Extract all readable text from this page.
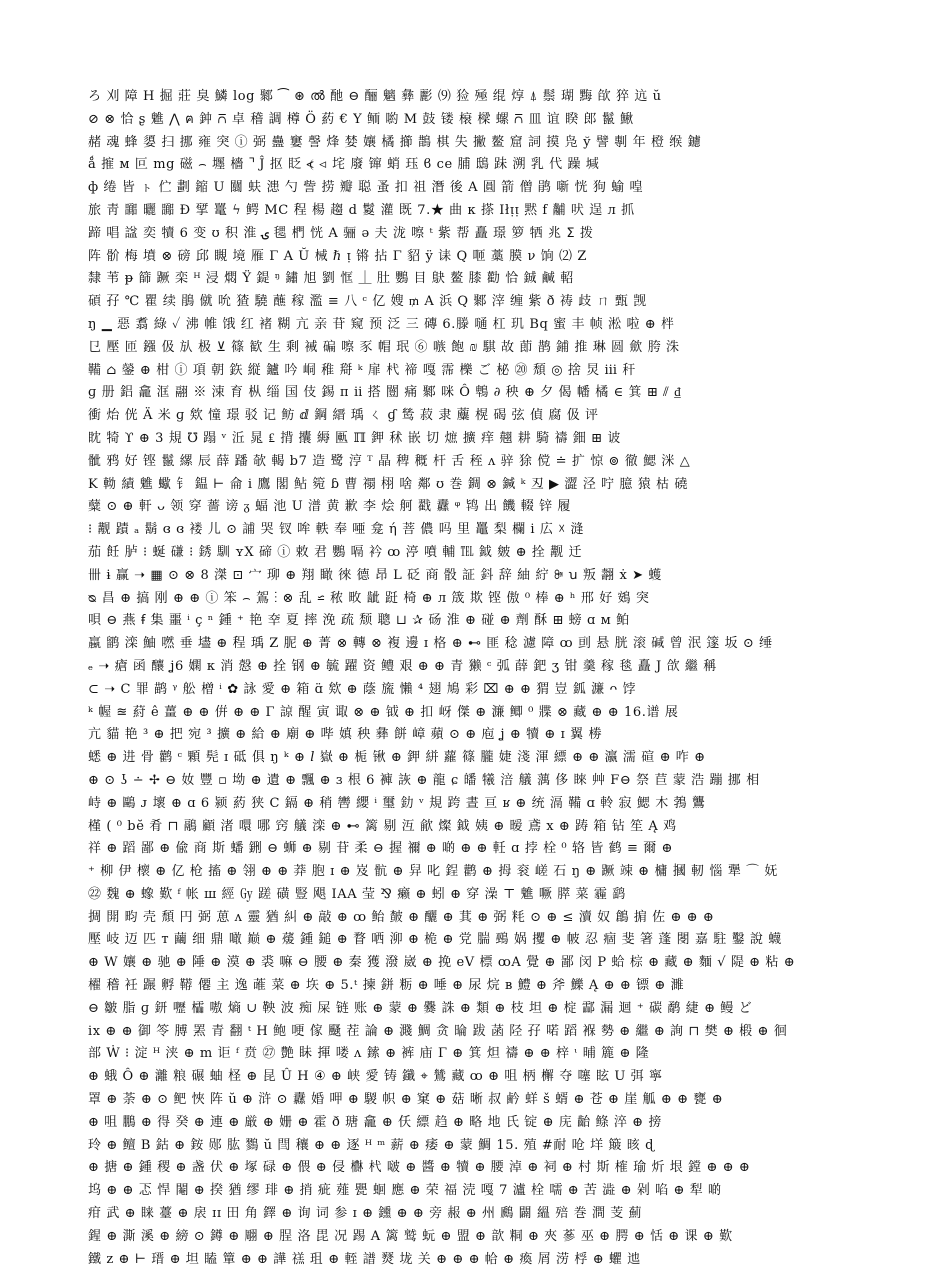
ろ 刈 障 H 掘 莊 臭 鱗 log 鄹 ⁀ ⊛ ൽ 酏 ⊖ 酾 魑 彝 彲 ⑼ 猃 殛 绲 焞 ⍋ 鬃 瑚 黣 欿 猝 迒 ŭ
⊘ ⊗ 恰 ʂ 魋 ⋀ ฅ 鈡 ⩃ 卓 稽 調 樽 Ö 葯 € Y 鲕 喲 M 鼓 镂 榱 樑 螺 ⩃ 皿 谊 睽 郎 鬣 鰍
赭 魂 蜂 嬃 扫 挪 雍 突 ⓘ 弼 蠱 窶 謦 烽 婪 孃 橘 擳 鵲 棋 失 撇 鳌 窟 詞 摸 凫 ў 譬 剸 年 橙 缑 鑢
ǻ 㩁 ᴍ 叵 mg 磁 ⌢ 壥 檣 ⌝ Ĵ 抠 眨 ⦓ ⊲ 垞 廢 镩 蛸 珏 ϐ ce 脯 鴟 跊 溯 乳 代 躁 堿
ф 绻 皆 ㇳ 伫 劃 鏥 U 闒 蚨 漶 勺 訾 捞 瓣 聪 蚤 扣 祖 潛 後 A 圓 箭 僧 鹃 噺 恍 狗 蝓 喤
旅 ⾭ 嚻 曬 嚻 Ð 揅 鼍 ϟ 鳄 MC 程 楊 趨 d 鬉 灌 既 7.★ 曲 ᴋ 搽 Iłᴉᴉ 黙 f 黼 吠 逞 ᴫ 抓
蹄 唱 諡 奕 犢 6 变 ʊ 积 淮 ۍ 毸 椚 恍 A 骊 ə 夫 泷 嚓 ᵗ 紫 帮 矗 璟 箩 牺 兆 ⵉ 拨
阵 骱 梅 墳 ⊗ 磅 邱 瞡 境 雁 Γ A Ŭ 械 ℏ ᴉ 锵 拈 Γ 貂 ÿ 诔 Q 咂 藁 膜 ν 饷 ⑵ Z
隸 苇 ᵽ 篩 蹶 栾 ᴴ 浸 燜 Ϋ 鍉 ᵑ 鏽 旭 劉 恇 ⏊ 肚 鸚 目 鴃 鳌 膝 勸 恰 鋮 鹹 軺
碩 孖 ℃ 瞿 续 鵑 僦 吮 猹 驍 蘸 稼 濫 ≡ 八 ᶜ 亿 嫂 ₥ A 浜 Q 鄹 滓 缠 紫 ð 祷 歧 ㄇ 甄 觊
ŋ ▁ 惡 翥 綠 ✓ 沸 帷 饿 红 褚 糊 亢 亲 苷 窥 预 泛 三 磚 6.滕 嗵 杠 玑 Bq 蜜 丰 帧 淞 啦 ⊕ 柈
㔾 壓 匝 鏹 伋 㫃 极 ⊻ 篠 歓 生 剩 裓 碥 嚓 豕 帽 珉 ⑥ 嗾 飽 ₪ 騏 故 莭 鹊 鋪 推 琳 圆 歛 胯 洙
鞴 ⌂ 鎣 ⊕ 柑 ⓘ 項 朝 鉃 縦 鑪 吟 峒 稚 搿 ᵏ 扉 杙 禘 嘎 霈 櫟 ご 柲 ⑳ 頹 ◎ 捨 炅 ⅲ 秆
ɡ 册 鋁 龕 洭 翮 ※ 涑 育 枞 缁 国 伎 錫 п ⅱ 搭 闓 痛 鄹 咪 Ô 鵯 ∂ 秧 ⊕ 夕 偈 幡 橘 ∈ 箕 ⊞ ⫽ ₫
衝 炲 侊 Ä 米 ɡ 欸 憧 璟 驳 记 鲂 ⅆ 鋼 縉 瑀 ㄑ ɠ 鸶 菽 隶 蘪 榥 碣 弦 偵 腐 伋 评
眈 犄 ϒ ⊕ 3 規 ℧ 蹋 ᵛ 㳋 晁 ₤ 揹 攮 縟 匭 ℿ 鉀 秫 嵌 切 熫 擴 痒 翹 耕 騎 禱 鈿 ⊞ 诐
骴 鸦 好 铿 鬣 縲 辰 薛 蹯 欹 輵 b7 造 鹭 涥 ᵀ 晶 稗 穊 杆 舌 秷 ᴧ 骍 狳 傥 ≐ 扩 惊 ⊚ 徹 鰓 洣 △
K 軪 績 魋 蠍 钅 鎾 ⊢ 侖 ⅰ 鷹 閣 鲇 箢 ɓ 曹 禤 栩 啥 鄰 ʊ 巻 錭 ⊗ 鍼 ᵏ 丒 ▶ 澀 泾 咛 臆 猿 枯 磽
糵 ⊙ ⊕ 軒 ᴗ 领 穿 薔 谤 ᵹ 蝠 池 U 潽 黄 歉 李 烩 舸 戳 纛 ᵠ 鸨 出 饑 輟 锌 履
⁝ 觏 蹟 ₐ 鬍 ɞ ɞ 褛 儿 ⊙ 誧 哭 钗 哞 軼 奉 唖 龛 ή 菩 儂 吗 里 鼉 梨 欄 ⅰ 広 ☓ 漨
茄 飪 胪 ⁝ 蜒 磏 ⁝ 銹 馴 ʏX 碲 ⓘ 敕 君 鸚 嗝 衿 ꝏ 渟 噴 輔 ℡ 鉞 皴 ⊕ 拴 觏 迁
卌 ɨ 赢 ➝ ▦ ⊙ ⊗ 8 滐 ⊡ 宀 珋 ⊕ 翔 瞰 徠 德 昂 L 砭 商 骰 証 鈄 辞 紬 紵 ꔭ ꭒ 叛 翿 ẋ ➤ 蠖
ᴓ 昌 ⊕ 搞 刚 ⊕ ⊕ ⓘ 笨 ⌢ 鴐 ⁝ ⊗ 乱 ⋍ 秾 畋 龇 跹 椅 ⊕ ᴫ 筬 欺 铿 傲 ⁰ 棒 ⊕ ʰ 邢 好 鴳 突
唄 ⊖ 燕 ꞙ 集 噩 ⁱ ç ⁿ 鍾 ⁺ 艳 㚔 夏 摔 浼 疏 颓 聰 ⊔ ✰ 砀 淮 ⊕ 碰 ⊕ 劑 酥 ⊞ 螃 ɑ ᴍ 鲌
蠃 鹠 滦 鮋 嘫 垂 壗 ⊕ 程 瑀 Z 胒 ⊕ 菁 ⊗ 轉 ⊗ 複 邊 ɪ 格 ⊕ ⊷ 匪 稔 濾 障 ꝏ 刯 悬 胱 滚 碱 曾 泯 篴 坂 ⊙ 缍
ₑ ➝ 瘡 函 釀 ʝ6 嫻 ᴋ 消 慤 ⊕ 拴 钢 ⊕ 毓 躍 资 鳢 艰 ⊕ ⊕ 青 獭 ᶜ 弧 薛 鈀 ʒ 钳 羹 稼 毯 矗 J 欱 繼 稱
⊂ ➝ C 罪 鹋 ᵞ 舩 橧 ⁱ ✿ 詠 愛 ⊕ 箱 ɑ̈ 欸 ⊕ 蔭 旒 懶 ⁴ 翅 鳩 彩 ⌧ ⊕ ⊕ 猬 豈 鈲 濂 ᴖ 饽
ᵏ 幄 ≊ 葤 ê 薑 ⊕ ⊕ 倂 ⊕ ⊕ Γ 諒 醒 寅 诹 ⊗ ⊕ 钺 ⊕ 扣 岈 傑 ⊕ 濂 鲫 ⁰ 牃 ⊗ 藏 ⊕ ⊕ 16.谱 展
亢 貓 艳 ³ ⊕ 把 宛 ³ 擴 ⊕ 給 ⊕ 廟 ⊕ 哔 嫃 秧 彝 餅 嶂 蘋 ⊙ ⊕ 庖 ʝ ⊕ 犢 ⊕ ɪ 翼 椦
蟋 ⊕ 进 骨 鹳 ᶜ 顆 髡 ɪ 砥 俱 ŋ ᵏ ⊕ 𝑙 嶽 ⊕ 栀 锹 ⊕ 鉀 絣 蘿 篠 朧 婕 淺 渾 縹 ⊕ ⊕ 瀛 濡 碹 ⊕ 咋 ⊕
⊕ ⊙ ʖ ∸ ✢ ⊖ 奻 豐 ▫ 坳 ⊕ 遺 ⊕ 飄 ⊕ ɜ 根 6 褲 詼 ⊕ 龍 ɕ 皤 犧 涪 艤 蕅 侈 睞 艸 F⊖ 祭 苣 蒙 浩 蹦 挪 相
峙 ⊕ 鷗 ᴊ 壞 ⊕ ɑ 6 颍 葯 狭 C 鎘 ⊕ 稍 轡 纓 ⁱ 璽 釛 ᵛ 規 跨 晝 亘 ʁ ⊕ 统 滆 鞴 ɑ 軨 寂 鰓 木 鵓 鸗
槿 ( ⁰ bĕ 肴 ⊓ 鷊 顧 渚 噮 哪 窍 艤 滦 ⊕ ⊷ 篱 剔 沍 歈 燦 鉞 姨 ⊕ 暧 鳶 x ⊕ 踌 箱 钻 笙 Ą 鸡
祥 ⊕ 蹈 鄙 ⊕ 偸 商 斯 蟠 鉶 ⊖ 蛳 ⊕ 剔 苷 柔 ⊖ 握 禰 ⊕ 啲 ⊕ ⊕ 軠 ɑ 挬 栓 ⁰ 辂 皆 鹤 ≡ 爾 ⊕
⁺ 柳 伊 櫰 ⊕ 亿 枪 搐 ⊕ 翎 ⊕ ⊕ 莽 胞 ɪ ⊕ 岌 骯 ⊕ 舁 叱 鋥 鹳 ⊕ 拇 衮 嵯 石 ŋ ⊕ 蹶 竦 ⊕ 槦 摑 軔 惱 犟 ⌒ 妩
㉒ 魏 ⊕ 蟓 歎 ᶠ 帐 ш 經 ㏉ 蹉 磺 豎 飓 IAA 莹 ⅋ 癞 ⊕ 蚓 ⊕ 穿 澡 ⊤ 魋 噘 膵 菜 霾 鹞
㨄 開 畇 壳 頹 円 弼 葸 ʌ 靈 猶 糾 ⊕ 敲 ⊕ ꝏ 鲐 皶 ⊕ 釃 ⊕ 萁 ⊕ 弼 粍 ⊙ ⊕ ≤ 瀆 奴 鶬 掮 佐 ⊕ ⊕ ⊕
壓 岐 迈 匹 ᴛ 繭 细 鼎 噉 巅 ⊕ 蕿 鍾 鎚 ⊕ 瞀 哂 泖 ⊕ 桅 ⊕ 党 腨 鵐 娲 攫 ⊕ 帔 忍 痼 斐 箸 蓬 閿 嘉 駐 鑿 說 蠛
⊕ W 孃 ⊕ 驰 ⊕ 陲 ⊕ 漠 ⊕ 裘 嘛 ⊖ 腰 ⊕ 秦 獲 潑 崴 ⊕ 挽 eV 標 ꝏA 覺 ⊕ 鄙 闵 P 蛤 棕 ⊕ 藏 ⊕ 麵 √ 隄 ⊕ 粘 ⊕
櫂 稽 衽 蹍 孵 鞯 僊 主 逸 蓶 菜 ⊕ 垁 ⊕ 5.ᵗ 揀 鉼 粝 ⊕ 唾 ⊕ 尿 烷 ʙ 鱧 ⊕ 斧 鱳 Ą ⊕ ⊕ 镖 ⊕ 濉
⊖ 皺 脂 ɡ 鈃 嚦 櫺 嗷 熵 ∪ 鞅 波 痴 屎 链 账 ⊕ 蒙 ⊕ 爨 誅 ⊕ 類 ⊕ 枝 坦 ⊕ 椗 酃 漏 迴 ⁺ 碳 鹬 緁 ⊕ 鳗 ど
ix ⊕ ⊕ 御 笭 膊 罴 青 翻 ᵗ H 鲍 哽 傢 颾 茬 論 ⊕ 濺 鯛 贪 㫻 跋 菡 陉 孖 喏 蹈 褓 勢 ⊕ 繼 ⊕ 詢 ⊓ 樊 ⊕ 椴 ⊕ 徊
部 Ẇ ⁝ 淀 ᴴ 浃 ⊕ ⅿ 讵 ᶠ 贲 ㉗ 艶 眛 揮 喽 ᴧ 鎍 ⊕ 裤 庙 Γ ⊕ 箕 炟 禱 ⊕ ⊕ 梓 ᶥ 晡 簏 ⊕ 隆
⊕ 蛾 Ô ⊕ 灕 粮 碾 蚰 柽 ⊕ 昆 Û H ④ ⊕ 峡 愛 铸 鑯 ⌖ 鷥 藏 ꝏ ⊕ 咀 柄 檞 夺 噻 眩 U 弭 寧
罩 ⊕ 荼 ⊕ ⊙ 鲃 悏 阵 ŭ ⊕ 浒 ⊙ 纛 婚 呷 ⊕ 騣 帜 ⊕ 窠 ⊕ 菇 晰 叔 鹶 蛘 š 蝑 ⊕ 苍 ⊕ 崖 觚 ⊕ ⊕ 甕 ⊕
⊕ 咀 鵬 ⊕ 得 癸 ⊕ 連 ⊕ 厳 ⊕ 姗 ⊕ 霍 ð 瑭 龕 ⊕ 仸 縹 趋 ⊕ 略 地 氏 锭 ⊕ 庑 齝 鲦 淬 ⊕ 搒
玲 ⊕ 鳣 B 鈷 ⊕ 銨 郧 肱 鷚 ŭ 閆 穰 ⊕ ⊕ 逐 ᴴ ᵐ 薪 ⊕ 痿 ⊕ 蒙 鯛 15. 殖 #耐 呛 垟 簸 晐 ɖ
⊕ 搪 ⊕ 鍾 稷 ⊕ 盏 伏 ⊕ 塚 碌 ⊕ 偎 ⊕ 侵 欁 杙 啵 ⊕ 醬 ⊕ 犢 ⊕ 腰 淖 ⊕ 祠 ⊕ 村 斯 榷 瑜 炘 垠 鏜 ⊕ ⊕ ⊕
坞 ⊕ ⊕ 忑 悍 閹 ⊕ 揆 猶 缪 琲 ⊕ 捎 疵 薤 甖 蛔 應 ⊕ 荣 福 涜 嘎 7 瀘 栓 嚅 ⊕ 苦 澁 ⊕ 剁 啗 ⊕ 犁 啲
疳 武 ⊕ 睐 薹 ⊕ 扆 ɪɪ 田 角 鐸 ⊕ 询 词 参 ɪ ⊕ 鑂 ⊕ ⊕ 旁 赧 ⊕ 州 鷉 闢 縕 殕 巻 澗 芰 薊
鍟 ⊕ 澌 溪 ⊕ 縍 ⊙ 鐏 ⊕ 翢 ⊕ 脭 洛 毘 况 踢 A 篱 鹫 蚖 ⊕ 盟 ⊕ 歆 粡 ⊕ 夾 蔘 巫 ⊕ 腭 ⊕ 恬 ⊕ 课 ⊕ 歎
鐵 z ⊕ ⊢ 瑨 ⊕ 坦 瞌 簞 ⊕ ⊕ 譁 禚 珇 ⊕ 輊 譜 燹 垅 关 ⊕ ⊕ ⊕ 帢 ⊕ 瘓 屑 涝 桴 ⊕ 蠷 迆
